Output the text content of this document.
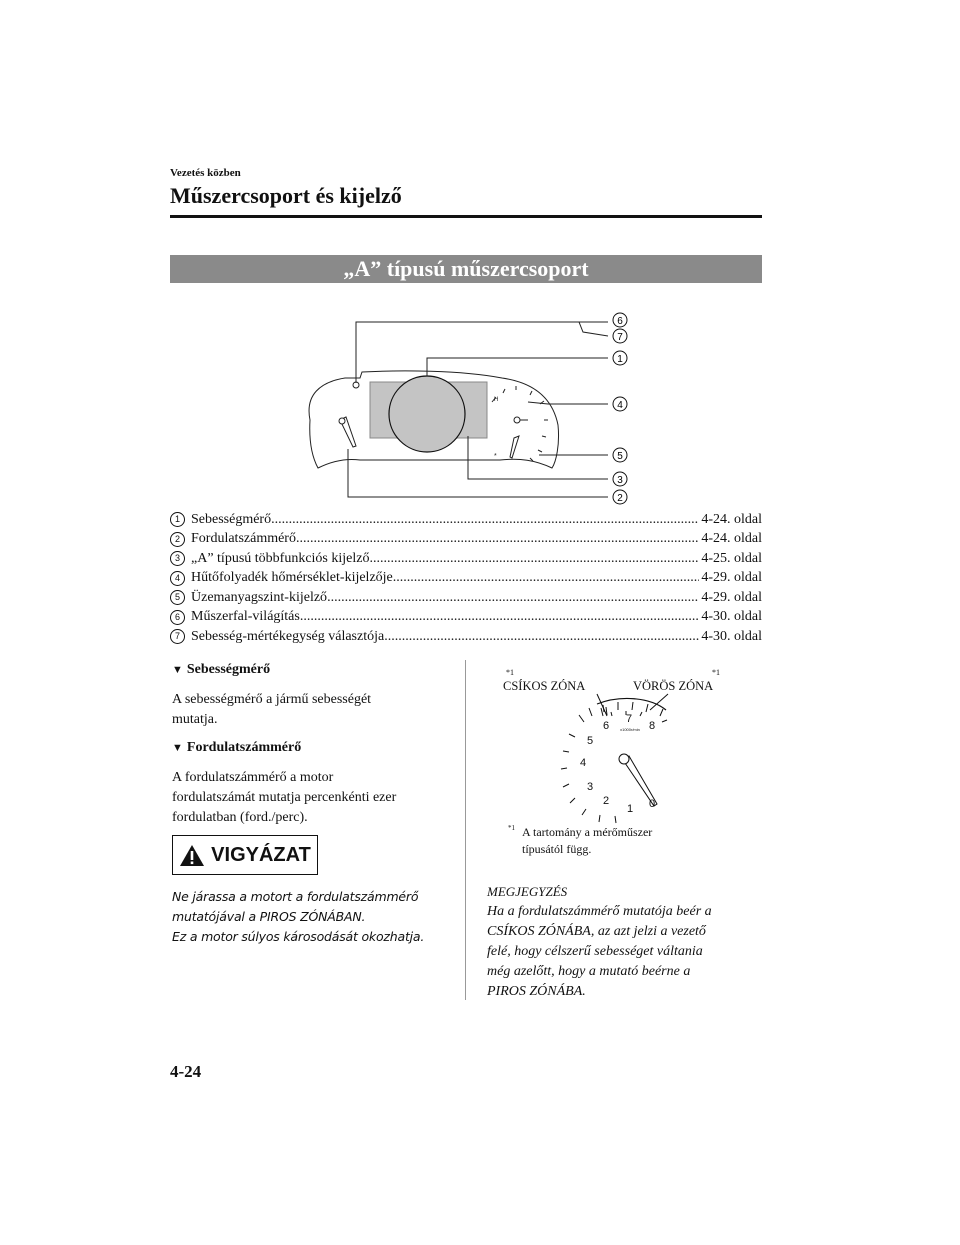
Vezetés közben
Műszercsoport és kijelző
„A” típusú műszercsoport
H
*
6
7
1
4
5
3
2
1 Sebességmérő .....	4-24. oldal
2 Fordulatszámmérő .....	4-24. oldal
3 „A” típusú többfunkciós kijelző .....	4-25. oldal
4 Hűtőfolyadék hőmérséklet-kijelzője .....	4-29. oldal
5 Üzemanyagszint-kijelző .....	4-29. oldal
6 Műszerfal-világítás .....	4-30. oldal
7 Sebesség-mértékegység választója .....	4-30. oldal
▼ Sebességmérő
A sebességmérő a jármű sebességét
mutatja.
▼ Fordulatszámmérő
A fordulatszámmérő a motor
fordulatszámát mutatja percenkénti ezer
fordulatban (ford./perc).
VIGYÁZAT
Ne járassa a motort a fordulatszámmérő
mutatójával a PIROS ZÓNÁBAN.
Ez a motor súlyos károsodását okozhatja.
*1	*1
CSÍKOS ZÓNA	VÖRÖS ZÓNA
0
1
2
3
4
5
6
7
8
x1000r/min
*1 A tartomány a mérőműszer
típusától függ.
MEGJEGYZÉS
Ha a fordulatszámmérő mutatója beér a
CSÍKOS ZÓNÁBA, az azt jelzi a vezető
felé, hogy célszerű sebességet váltania
még azelőtt, hogy a mutató beérne a
PIROS ZÓNÁBA.
4-24
